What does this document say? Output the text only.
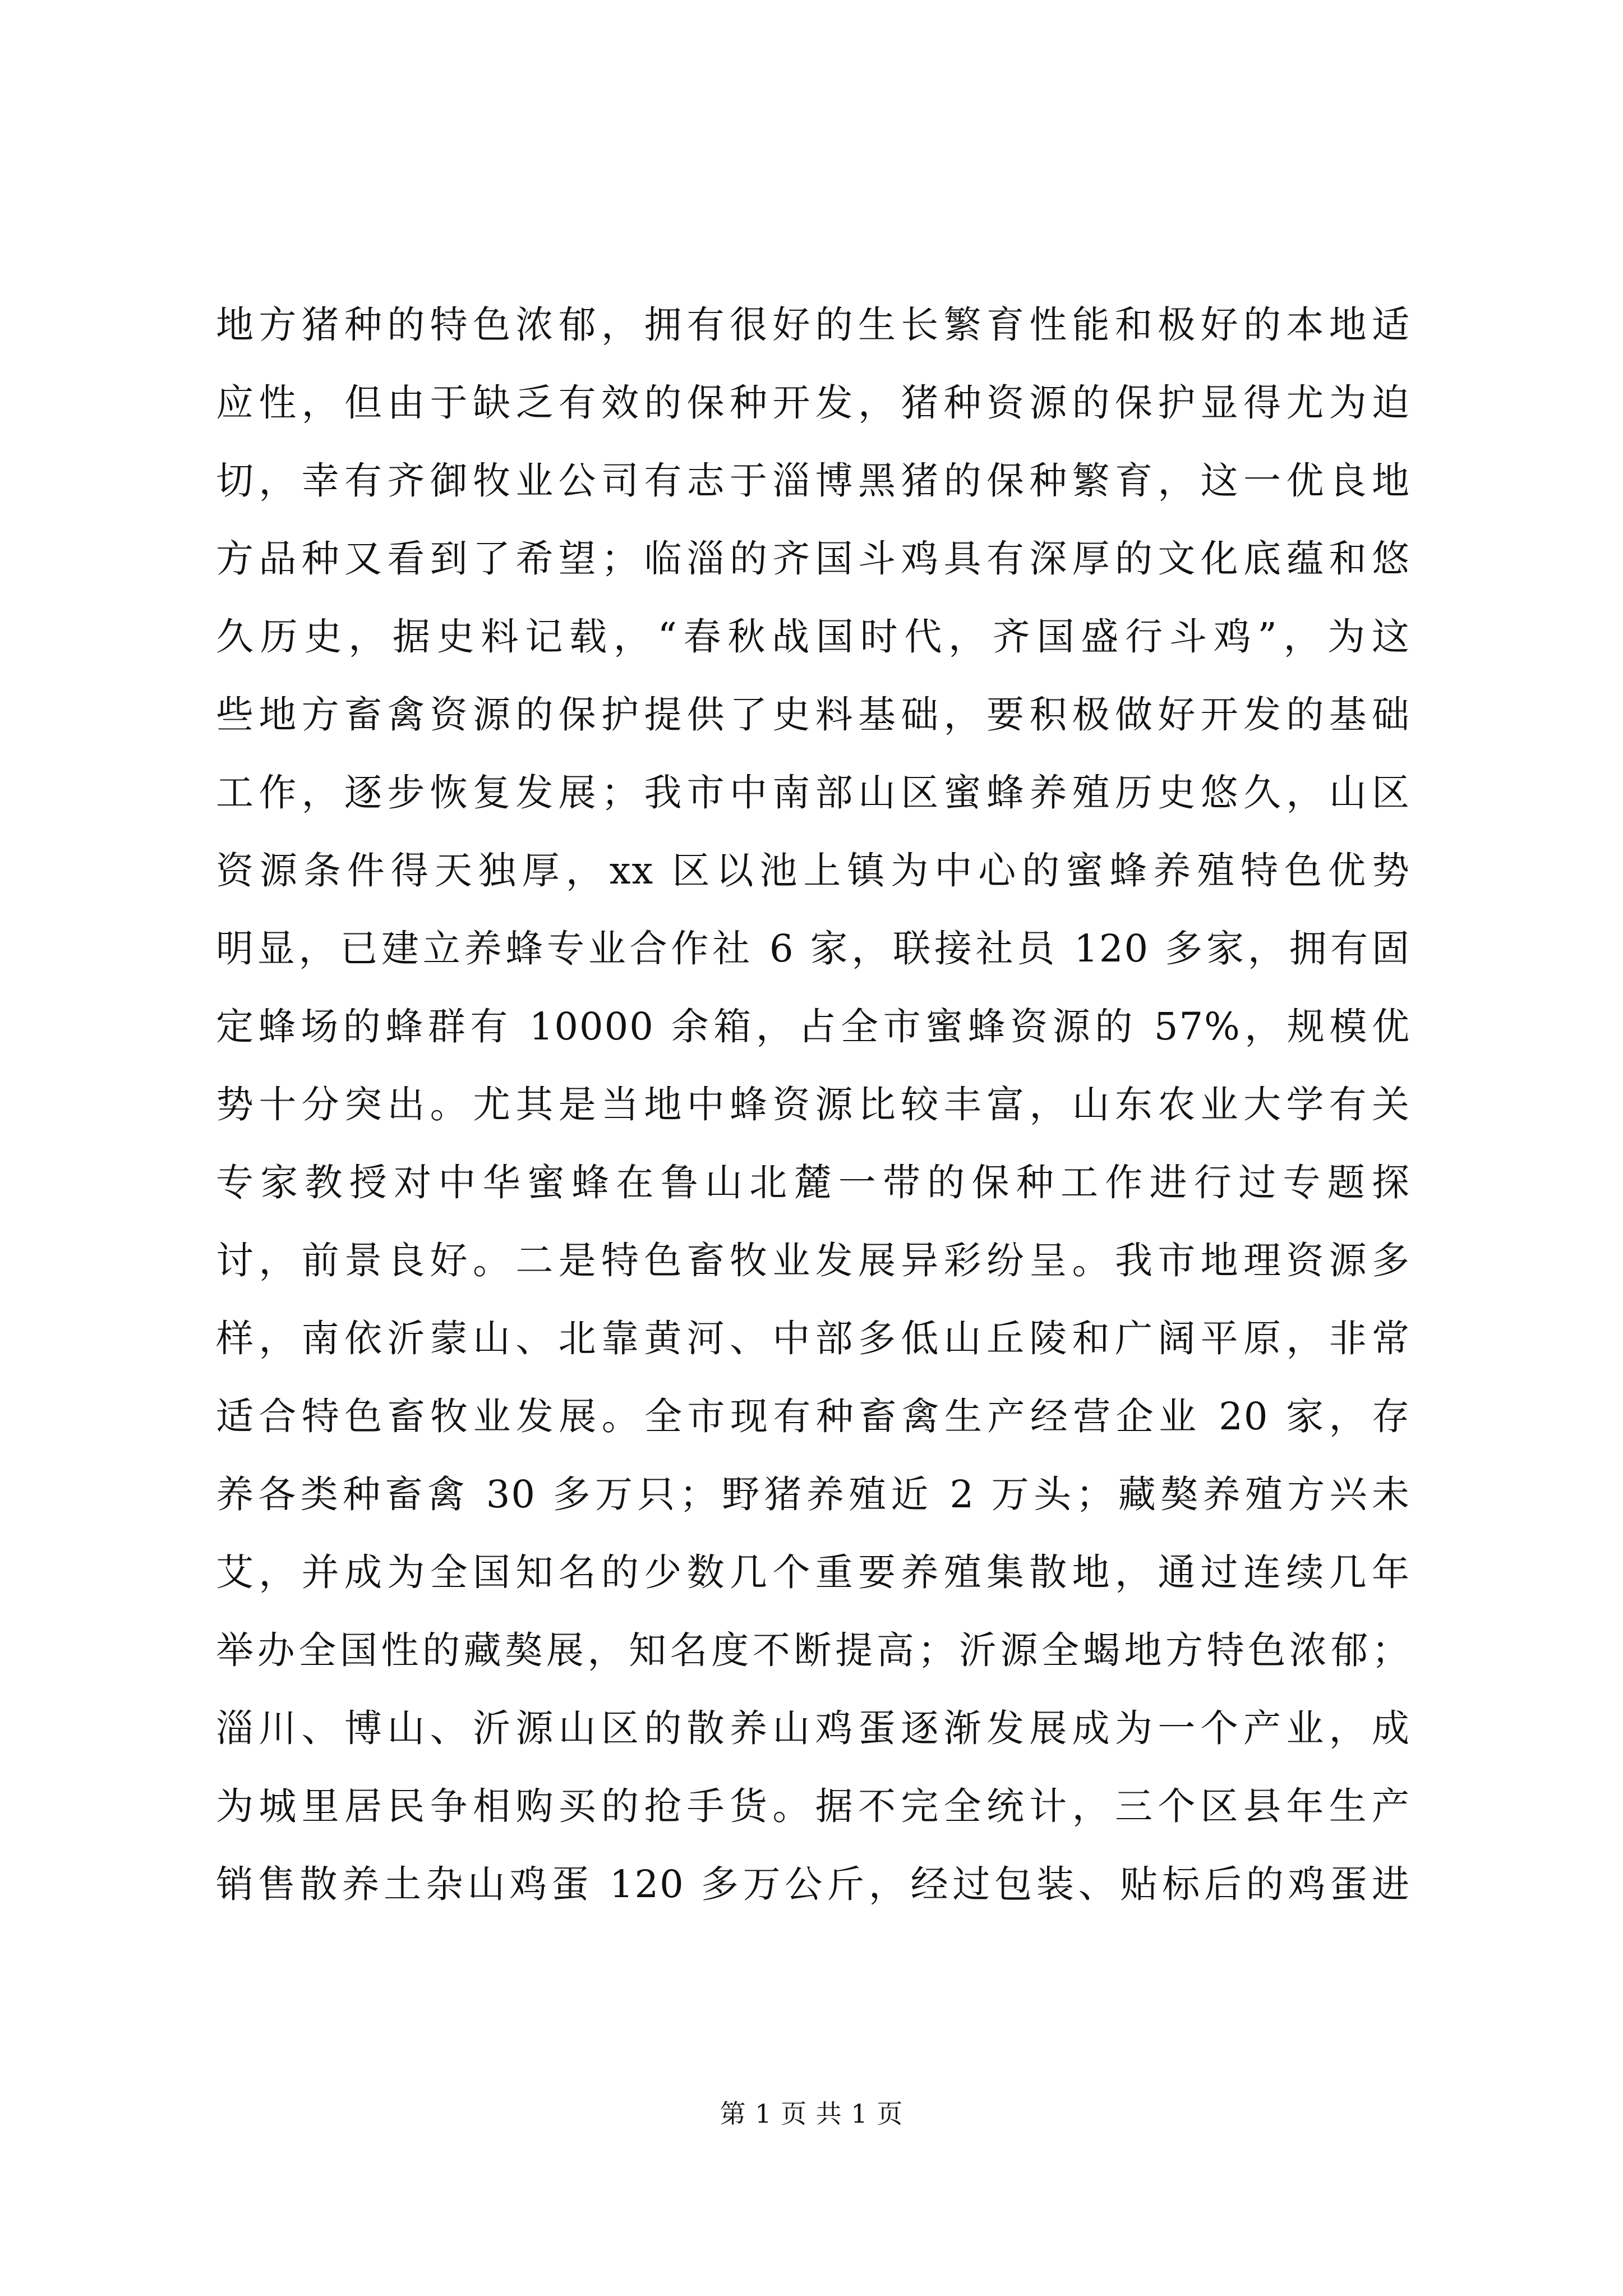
地方猪种的特色浓郁，拥有很好的生长繁育性能和极好的本地适
应性，但由于缺乏有效的保种开发，猪种资源的保护显得尤为迫
切，幸有齐御牧业公司有志于淄博黑猪的保种繁育，这一优良地
方品种又看到了希望；临淄的齐国斗鸡具有深厚的文化底蕴和悠
久历史，据史料记载，“春秋战国时代，齐国盛行斗鸡”，为这
些地方畜禽资源的保护提供了史料基础，要积极做好开发的基础
工作，逐步恢复发展；我市中南部山区蜜蜂养殖历史悠久，山区
资源条件得天独厚，xx 区以池上镇为中心的蜜蜂养殖特色优势
明显，已建立养蜂专业合作社 6 家，联接社员 120 多家，拥有固
定蜂场的蜂群有 10000 余箱，占全市蜜蜂资源的 57%，规模优
势十分突出。尤其是当地中蜂资源比较丰富，山东农业大学有关
专家教授对中华蜜蜂在鲁山北麓一带的保种工作进行过专题探
讨，前景良好。二是特色畜牧业发展异彩纷呈。我市地理资源多
样，南依沂蒙山、北靠黄河、中部多低山丘陵和广阔平原，非常
适合特色畜牧业发展。全市现有种畜禽生产经营企业 20 家，存
养各类种畜禽 30 多万只；野猪养殖近 2 万头；藏獒养殖方兴未
艾，并成为全国知名的少数几个重要养殖集散地，通过连续几年
举办全国性的藏獒展，知名度不断提高；沂源全蝎地方特色浓郁；
淄川、博山、沂源山区的散养山鸡蛋逐渐发展成为一个产业，成
为城里居民争相购买的抢手货。据不完全统计，三个区县年生产
销售散养土杂山鸡蛋 120 多万公斤，经过包装、贴标后的鸡蛋进
第 1 页 共 1 页
